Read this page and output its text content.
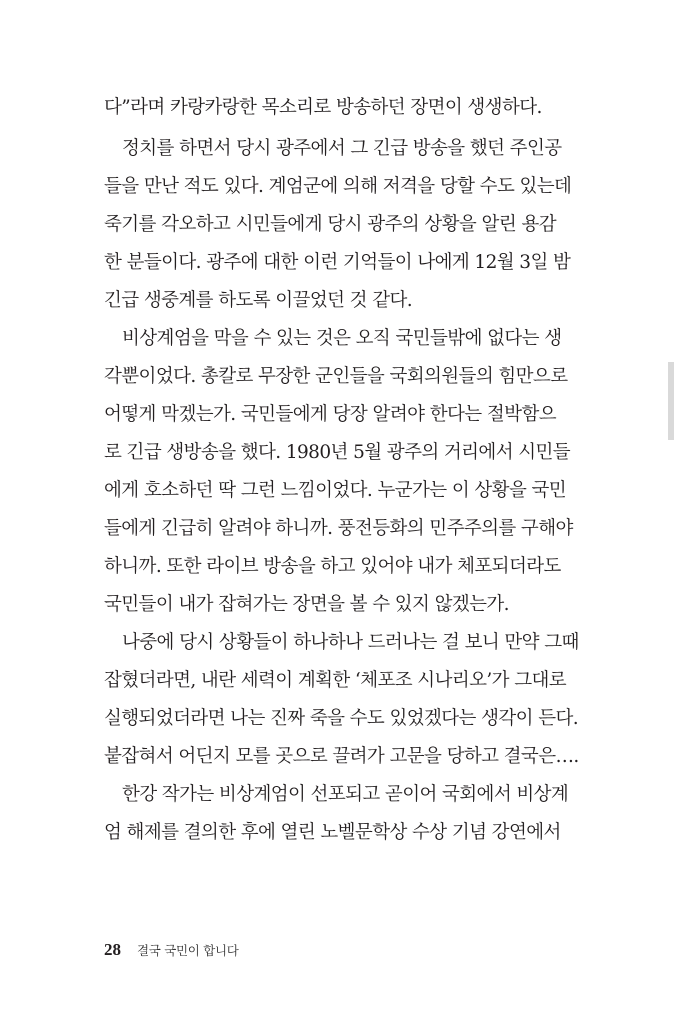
다”라며 카랑카랑한 목소리로 방송하던 장면이 생생하다.
정치를 하면서 당시 광주에서 그 긴급 방송을 했던 주인공
들을 만난 적도 있다. 계엄군에 의해 저격을 당할 수도 있는데
죽기를 각오하고 시민들에게 당시 광주의 상황을 알린 용감
한 분들이다. 광주에 대한 이런 기억들이 나에게 12월 3일 밤
긴급 생중계를 하도록 이끌었던 것 같다.
비상계엄을 막을 수 있는 것은 오직 국민들밖에 없다는 생
각뿐이었다. 총칼로 무장한 군인들을 국회의원들의 힘만으로
어떻게 막겠는가. 국민들에게 당장 알려야 한다는 절박함으
로 긴급 생방송을 했다. 1980년 5월 광주의 거리에서 시민들
에게 호소하던 딱 그런 느낌이었다. 누군가는 이 상황을 국민
들에게 긴급히 알려야 하니까. 풍전등화의 민주주의를 구해야
하니까. 또한 라이브 방송을 하고 있어야 내가 체포되더라도
국민들이 내가 잡혀가는 장면을 볼 수 있지 않겠는가.
나중에 당시 상황들이 하나하나 드러나는 걸 보니 만약 그때
잡혔더라면, 내란 세력이 계획한 ‘체포조 시나리오’가 그대로
실행되었더라면 나는 진짜 죽을 수도 있었겠다는 생각이 든다.
붙잡혀서 어딘지 모를 곳으로 끌려가 고문을 당하고 결국은….
한강 작가는 비상계엄이 선포되고 곧이어 국회에서 비상계
엄 해제를 결의한 후에 열린 노벨문학상 수상 기념 강연에서
28 결국 국민이 합니다
